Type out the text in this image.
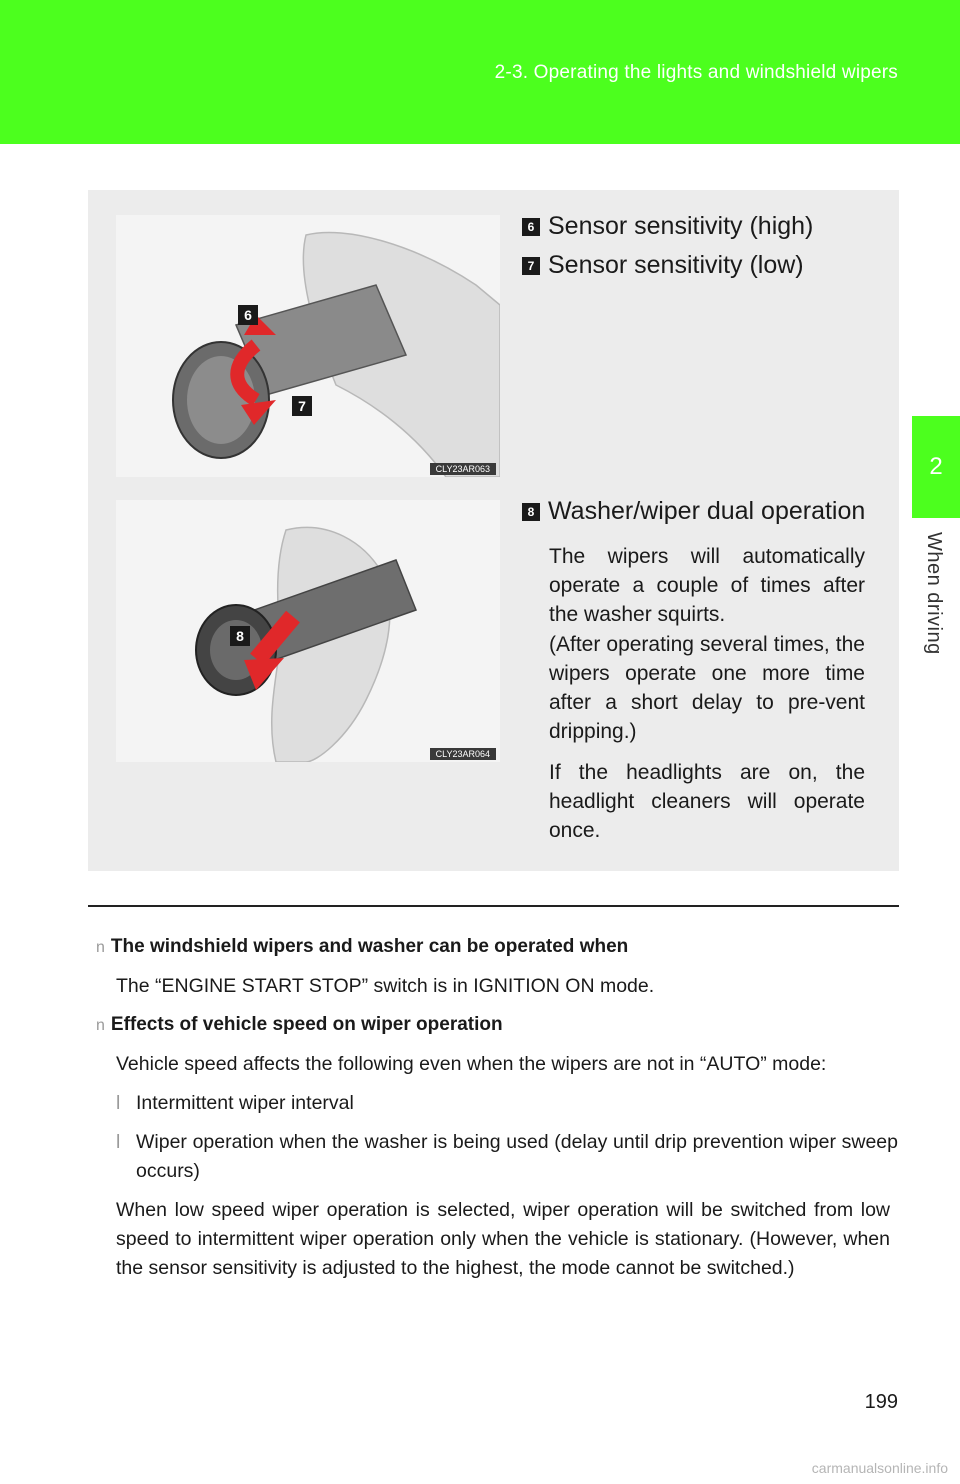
2-3. Operating the lights and windshield wipers
2
When driving
6
7
CLY23AR063
8
CLY23AR064
6 Sensor sensitivity (high)
7 Sensor sensitivity (low)
8 Washer/wiper dual operation
The wipers will automatically operate a couple of times after the washer squirts.
(After operating several times, the wipers operate one more time after a short delay to pre-vent dripping.)
If the headlights are on, the headlight cleaners will operate once.
n The windshield wipers and washer can be operated when
The “ENGINE START STOP” switch is in IGNITION ON mode.
n Effects of vehicle speed on wiper operation
Vehicle speed affects the following even when the wipers are not in “AUTO” mode:
l Intermittent wiper interval
l Wiper operation when the washer is being used (delay until drip prevention wiper sweep occurs)
When low speed wiper operation is selected, wiper operation will be switched from low speed to intermittent wiper operation only when the vehicle is stationary. (However, when the sensor sensitivity is adjusted to the highest, the mode cannot be switched.)
199
carmanualsonline.info
